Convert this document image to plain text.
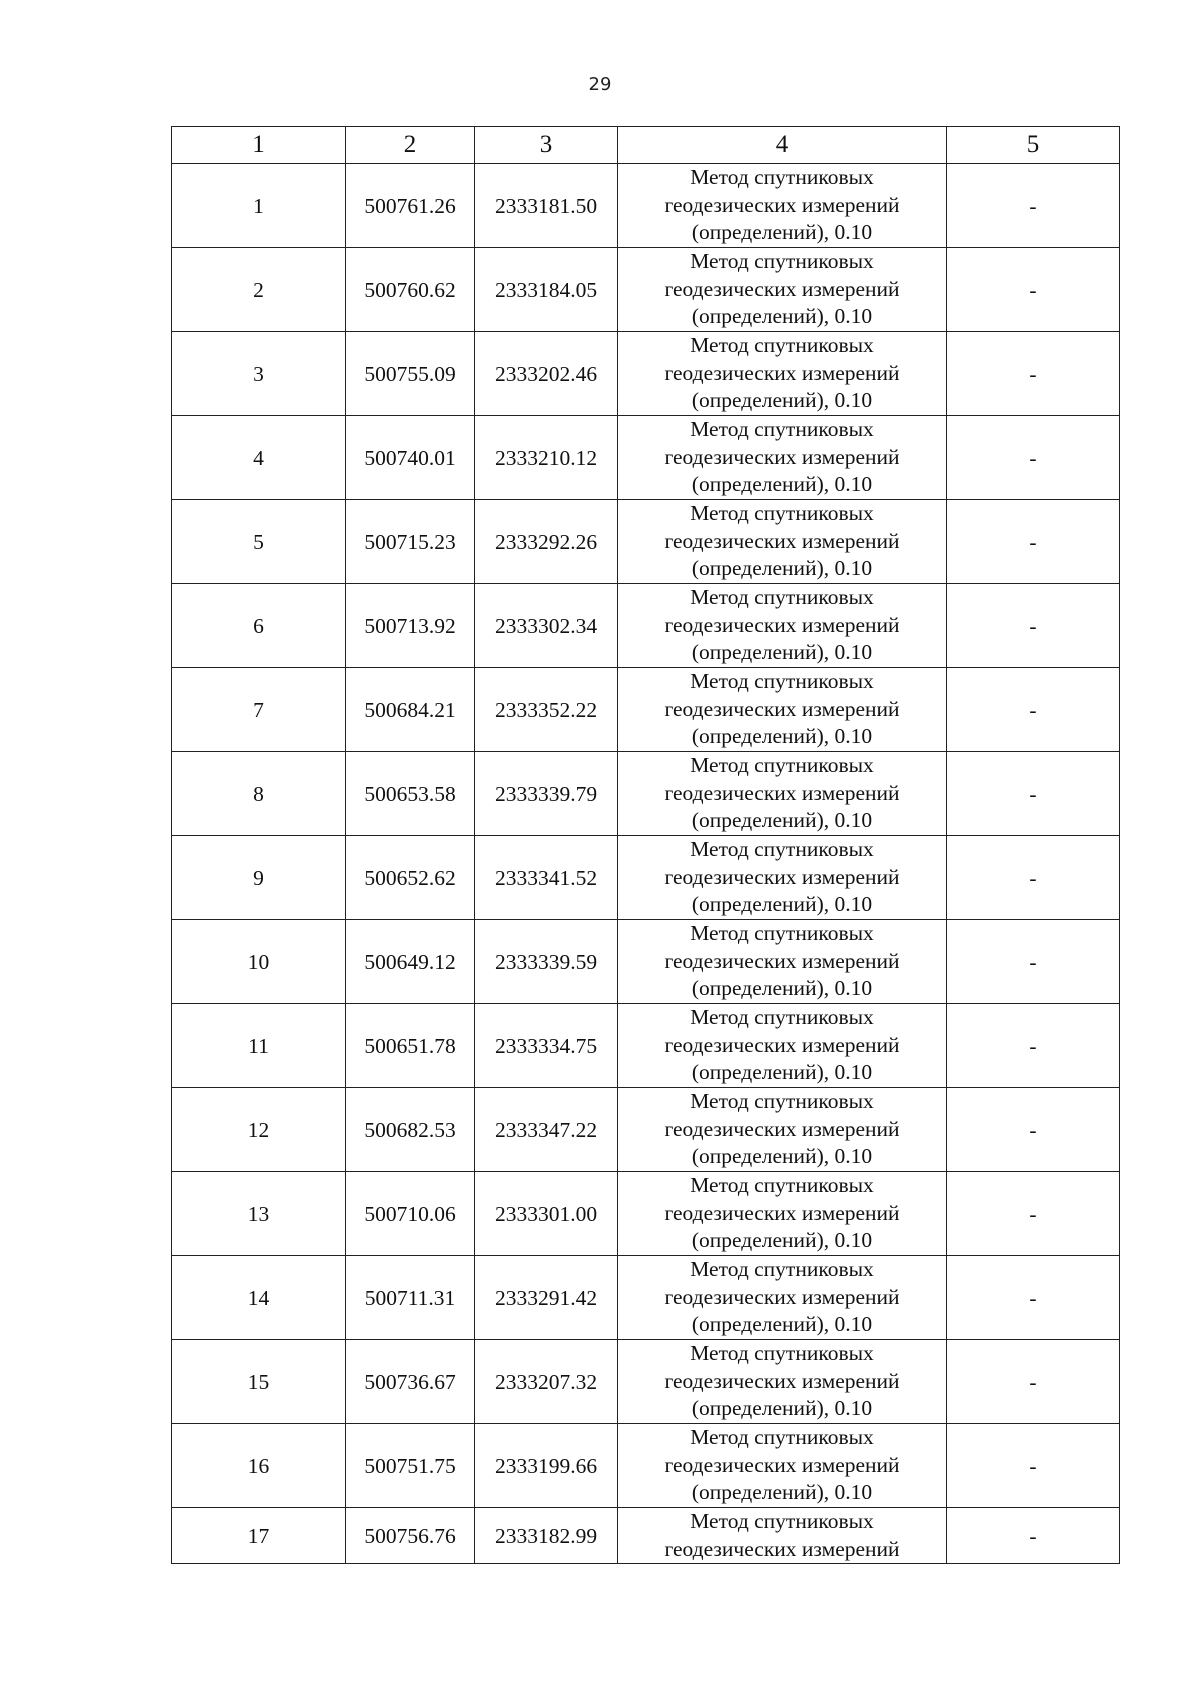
29
1	2	3	4	5
1	500761.26	2333181.50	Метод спутниковых
геодезических измерений
(определений), 0.10	-
2	500760.62	2333184.05	Метод спутниковых
геодезических измерений
(определений), 0.10	-
3	500755.09	2333202.46	Метод спутниковых
геодезических измерений
(определений), 0.10	-
4	500740.01	2333210.12	Метод спутниковых
геодезических измерений
(определений), 0.10	-
5	500715.23	2333292.26	Метод спутниковых
геодезических измерений
(определений), 0.10	-
6	500713.92	2333302.34	Метод спутниковых
геодезических измерений
(определений), 0.10	-
7	500684.21	2333352.22	Метод спутниковых
геодезических измерений
(определений), 0.10	-
8	500653.58	2333339.79	Метод спутниковых
геодезических измерений
(определений), 0.10	-
9	500652.62	2333341.52	Метод спутниковых
геодезических измерений
(определений), 0.10	-
10	500649.12	2333339.59	Метод спутниковых
геодезических измерений
(определений), 0.10	-
11	500651.78	2333334.75	Метод спутниковых
геодезических измерений
(определений), 0.10	-
12	500682.53	2333347.22	Метод спутниковых
геодезических измерений
(определений), 0.10	-
13	500710.06	2333301.00	Метод спутниковых
геодезических измерений
(определений), 0.10	-
14	500711.31	2333291.42	Метод спутниковых
геодезических измерений
(определений), 0.10	-
15	500736.67	2333207.32	Метод спутниковых
геодезических измерений
(определений), 0.10	-
16	500751.75	2333199.66	Метод спутниковых
геодезических измерений
(определений), 0.10	-
17	500756.76	2333182.99	Метод спутниковых
геодезических измерений	-
